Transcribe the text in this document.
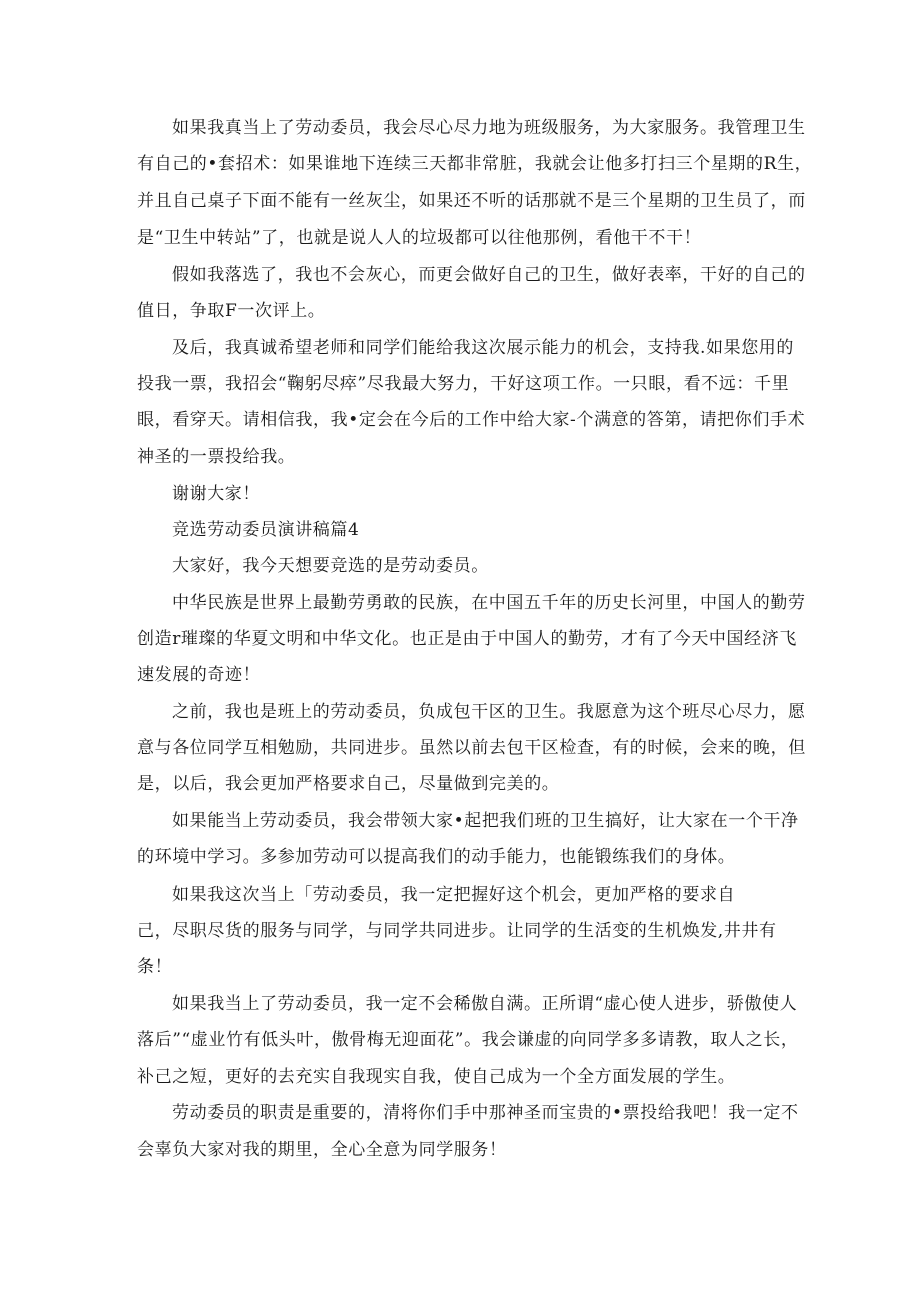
如果我真当上了劳动委员，我会尽心尽力地为班级服务，为大家服务。我管理卫生
有自己的•套招术：如果谁地下连续三天都非常脏，我就会让他多打扫三个星期的R生，
并且自己桌子下面不能有一丝灰尘，如果还不听的话那就不是三个星期的卫生员了，而
是“卫生中转站”了，也就是说人人的垃圾都可以往他那例，看他干不干！
假如我落选了，我也不会灰心，而更会做好自己的卫生，做好表率，干好的自己的
值日，争取F一次评上。
及后，我真诚希望老师和同学们能给我这次展示能力的机会，支持我.如果您用的
投我一票，我招会“鞠躬尽瘁”尽我最大努力，干好这项工作。一只眼，看不远：千里
眼，看穿天。请相信我，我•定会在今后的工作中给大家-个满意的答第，请把你们手术
神圣的一票投给我。
谢谢大家！
竞选劳动委员演讲稿篇4
大家好，我今天想要竞选的是劳动委员。
中华民族是世界上最勤劳勇敢的民族，在中国五千年的历史长河里，中国人的勤劳
创造r璀璨的华夏文明和中华文化。也正是由于中国人的勤劳，才有了今天中国经济飞
速发展的奇迹！
之前，我也是班上的劳动委员，负成包干区的卫生。我愿意为这个班尽心尽力，愿
意与各位同学互相勉励，共同进步。虽然以前去包干区检查，有的时候，会来的晚，但
是，以后，我会更加严格要求自己，尽量做到完美的。
如果能当上劳动委员，我会带领大家•起把我们班的卫生搞好，让大家在一个干净
的环境中学习。多参加劳动可以提高我们的动手能力，也能锻练我们的身体。
如果我这次当上「劳动委员，我一定把握好这个机会，更加严格的要求自
己，尽职尽货的服务与同学，与同学共同进步。让同学的生活变的生机焕发,井井有
条！
如果我当上了劳动委员，我一定不会稀傲自满。正所谓“虚心使人进步，骄傲使人
落后”“虚业竹有低头叶，傲骨梅无迎面花”。我会谦虚的向同学多多请教，取人之长，
补己之短，更好的去充实自我现实自我，使自己成为一个全方面发展的学生。
劳动委员的职责是重要的，清将你们手中那神圣而宝贵的•票投给我吧！我一定不
会辜负大家对我的期里，全心全意为同学服务！
